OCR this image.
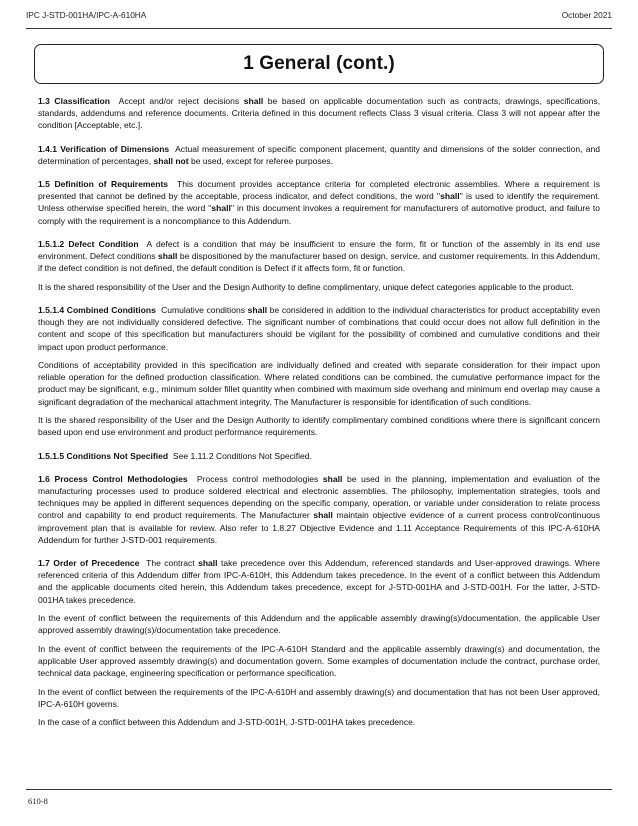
IPC J-STD-001HA/IPC-A-610HA	October 2021
1 General (cont.)

1.3 Classification Accept and/or reject decisions shall be based on applicable documentation such as contracts, drawings, specifications, standards, addendums and reference documents. Criteria defined in this document reflects Class 3 visual criteria. Class 3 will not appear after the condition [Acceptable, etc.].

1.4.1 Verification of Dimensions Actual measurement of specific component placement, quantity and dimensions of the solder connection, and determination of percentages, shall not be used, except for referee purposes.

1.5 Definition of Requirements This document provides acceptance criteria for completed electronic assemblies. Where a requirement is presented that cannot be defined by the acceptable, process indicator, and defect conditions, the word ''shall'' is used to identify the requirement. Unless otherwise specified herein, the word ''shall'' in this document invokes a requirement for manufacturers of automotive product, and failure to comply with the requirement is a noncompliance to this Addendum.

1.5.1.2 Defect Condition A defect is a condition that may be insufficient to ensure the form, fit or function of the assembly in its end use environment. Defect conditions shall be dispositioned by the manufacturer based on design, service, and customer requirements. In this Addendum, if the defect condition is not defined, the default condition is Defect if it affects form, fit or function.

It is the shared responsibility of the User and the Design Authority to define complimentary, unique defect categories applicable to the product.

1.5.1.4 Combined Conditions Cumulative conditions shall be considered in addition to the individual characteristics for product acceptability even though they are not individually considered defective. The significant number of combinations that could occur does not allow full definition in the content and scope of this specification but manufacturers should be vigilant for the possibility of combined and cumulative conditions and their impact upon product performance.

Conditions of acceptability provided in this specification are individually defined and created with separate consideration for their impact upon reliable operation for the defined production classification. Where related conditions can be combined, the cumulative performance impact for the product may be significant, e.g., minimum solder fillet quantity when combined with maximum side overhang and minimum end overlap may cause a significant degradation of the mechanical attachment integrity. The Manufacturer is responsible for identification of such conditions.

It is the shared responsibility of the User and the Design Authority to identify complimentary combined conditions where there is significant concern based upon end use environment and product performance requirements.

1.5.1.5 Conditions Not Specified See 1.11.2 Conditions Not Specified.

1.6 Process Control Methodologies Process control methodologies shall be used in the planning, implementation and evaluation of the manufacturing processes used to produce soldered electrical and electronic assemblies. The philosophy, implementation strategies, tools and techniques may be applied in different sequences depending on the specific company, operation, or variable under consideration to relate process control and capability to end product requirements. The Manufacturer shall maintain objective evidence of a current process control/continuous improvement plan that is available for review. Also refer to 1.8.27 Objective Evidence and 1.11 Acceptance Requirements of this IPC-A-610HA Addendum for further J-STD-001 requirements.

1.7 Order of Precedence The contract shall take precedence over this Addendum, referenced standards and User-approved drawings. Where referenced criteria of this Addendum differ from IPC-A-610H, this Addendum takes precedence. In the event of a conflict between this Addendum and the applicable documents cited herein, this Addendum takes precedence, except for J-STD-001HA and J-STD-001H. For the latter, J-STD-001HA takes precedence.

In the event of conflict between the requirements of this Addendum and the applicable assembly drawing(s)/documentation, the applicable User approved assembly drawing(s)/documentation take precedence.

In the event of conflict between the requirements of the IPC-A-610H Standard and the applicable assembly drawing(s) and documentation, the applicable User approved assembly drawing(s) and documentation govern. Some examples of documentation include the contract, purchase order, technical data package, engineering specification or performance specification.

In the event of conflict between the requirements of the IPC-A-610H and assembly drawing(s) and documentation that has not been User approved, IPC-A-610H governs.

In the case of a conflict between this Addendum and J-STD-001H, J-STD-001HA takes precedence.

610-8
